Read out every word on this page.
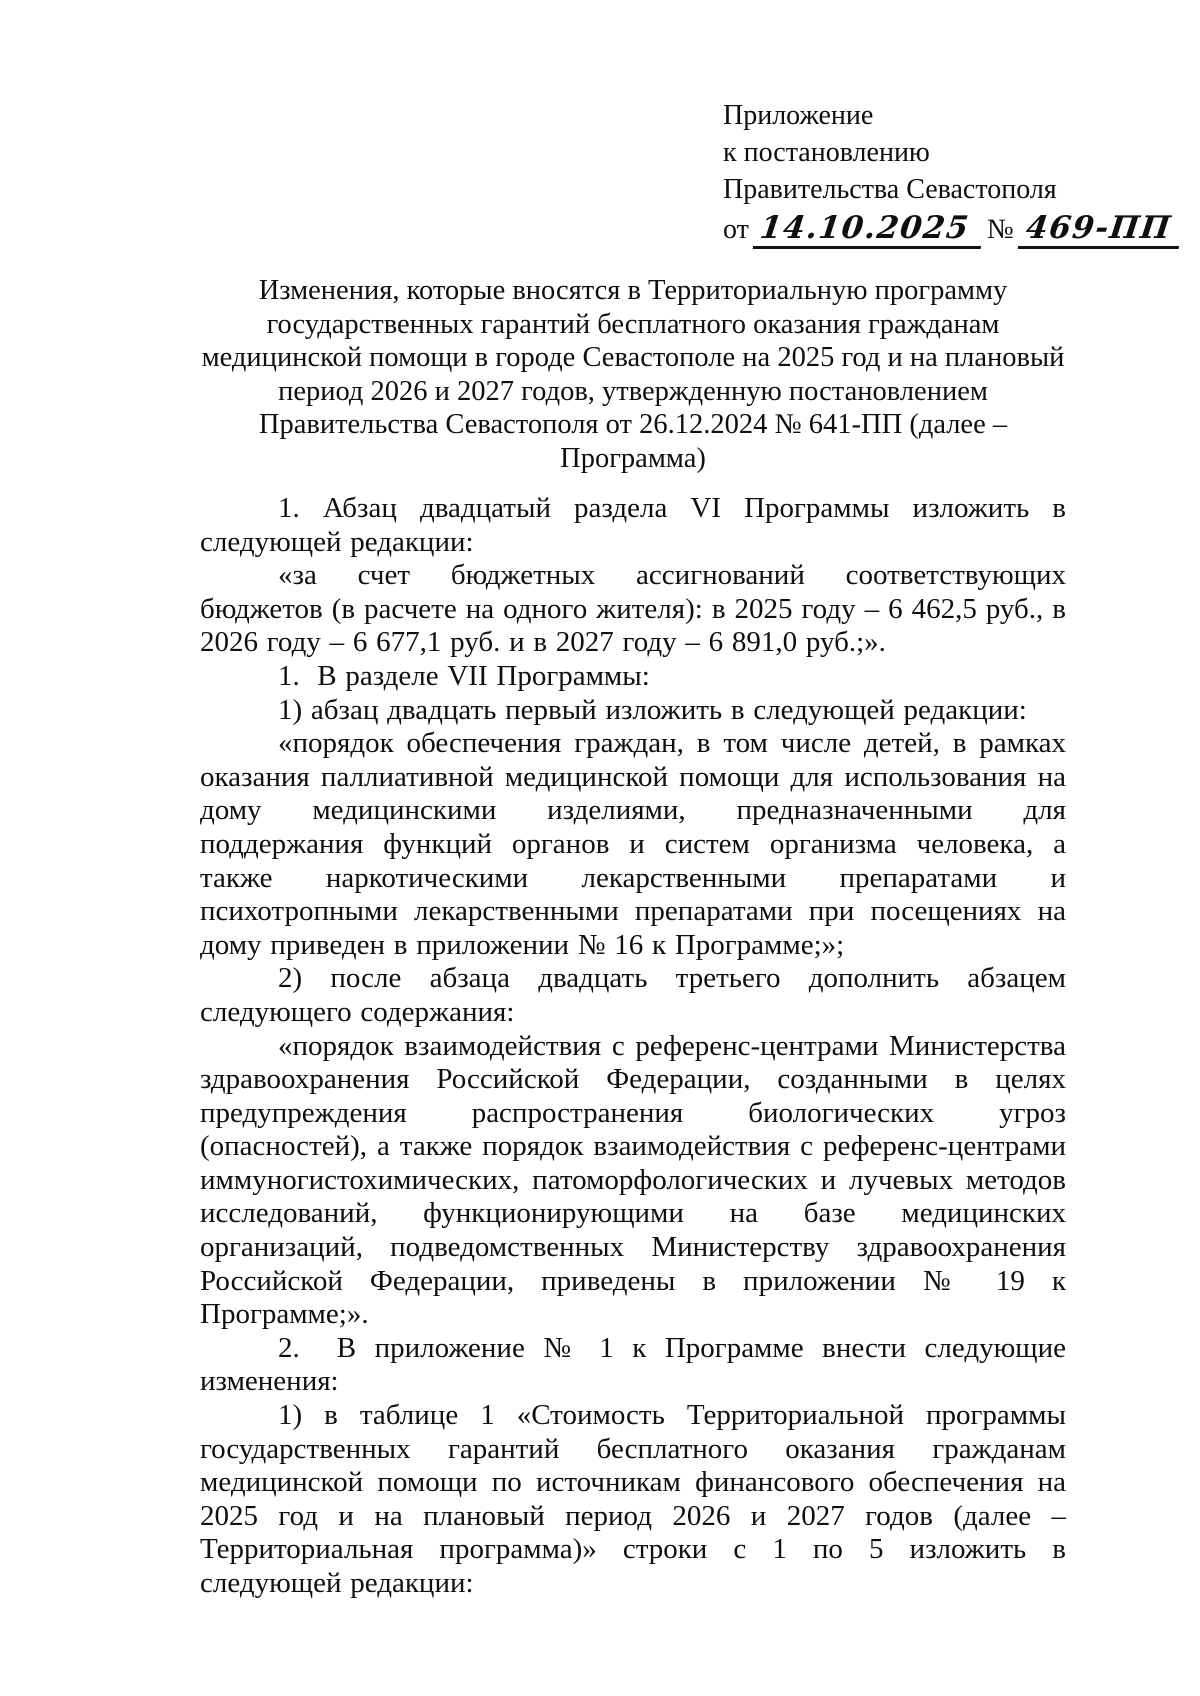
Приложение
к постановлению
Правительства Севастополя
от 14.10.2025 № 469-ПП
Изменения, которые вносятся в Территориальную программу государственных гарантий бесплатного оказания гражданам медицинской помощи в городе Севастополе на 2025 год и на плановый период 2026 и 2027 годов, утвержденную постановлением Правительства Севастополя от 26.12.2024 № 641-ПП (далее – Программа)

1. Абзац двадцатый раздела VI Программы изложить в следующей редакции:

«за счет бюджетных ассигнований соответствующих бюджетов (в расчете на одного жителя): в 2025 году – 6 462,5 руб., в 2026 году – 6 677,1 руб. и в 2027 году – 6 891,0 руб.;».

1.  В разделе VII Программы:

1) абзац двадцать первый изложить в следующей редакции:

«порядок обеспечения граждан, в том числе детей, в рамках оказания паллиативной медицинской помощи для использования на дому медицинскими изделиями, предназначенными для поддержания функций органов и систем организма человека, а также наркотическими лекарственными препаратами и психотропными лекарственными препаратами при посещениях на дому приведен в приложении № 16 к Программе;»;

2) после абзаца двадцать третьего дополнить абзацем следующего содержания:

«порядок взаимодействия с референс-центрами Министерства здравоохранения Российской Федерации, созданными в целях предупреждения распространения биологических угроз (опасностей), а также порядок взаимодействия с референс-центрами иммуногистохимических, патоморфологических и лучевых методов исследований, функционирующими на базе медицинских организаций, подведомственных Министерству здравоохранения Российской Федерации, приведены в приложении № 19 к Программе;».

2.  В приложение № 1 к Программе внести следующие изменения:

1) в таблице 1 «Стоимость Территориальной программы государственных гарантий бесплатного оказания гражданам медицинской помощи по источникам финансового обеспечения на 2025 год и на плановый период 2026 и 2027 годов (далее – Территориальная программа)» строки с 1 по 5 изложить в следующей редакции:
